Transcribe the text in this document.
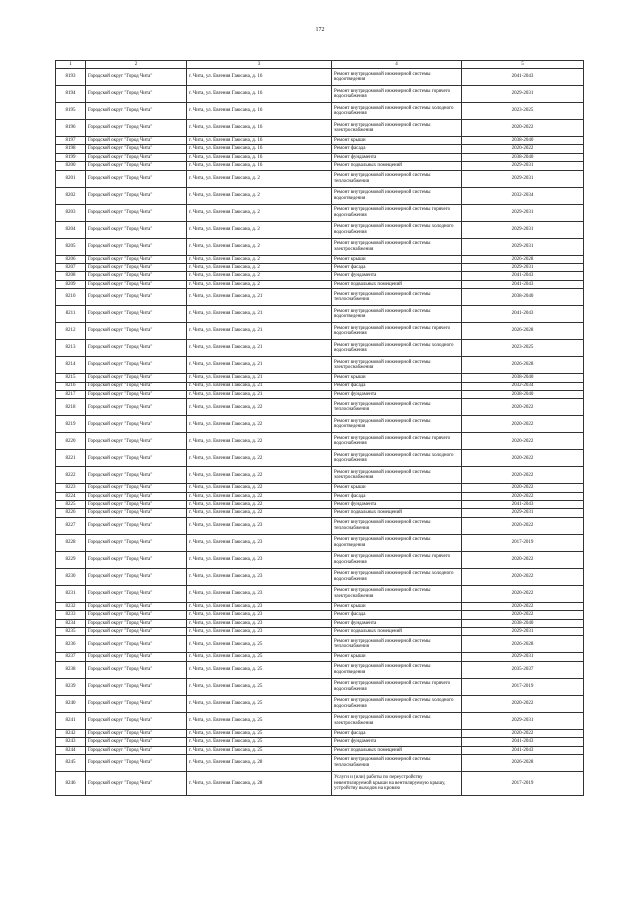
172
1	2	3	4	5
8193	Городской округ "Город Чита"	г. Чита, ул. Евгения Гаюсана, д. 16	Ремонт внутридомовой инженерной системы водоотведения	2041-2043
8194	Городской округ "Город Чита"	г. Чита, ул. Евгения Гаюсана, д. 16	Ремонт внутридомовой инженерной системы горячего водоснабжения	2029-2031
8195	Городской округ "Город Чита"	г. Чита, ул. Евгения Гаюсана, д. 16	Ремонт внутридомовой инженерной системы холодного водоснабжения	2023-2025
8196	Городской округ "Город Чита"	г. Чита, ул. Евгения Гаюсана, д. 16	Ремонт внутридомовой инженерной системы электроснабжения	2020-2022
8197	Городской округ "Город Чита"	г. Чита, ул. Евгения Гаюсана, д. 16	Ремонт крыши	2038-2040
8198	Городской округ "Город Чита"	г. Чита, ул. Евгения Гаюсана, д. 16	Ремонт фасада	2020-2022
8199	Городской округ "Город Чита"	г. Чита, ул. Евгения Гаюсана, д. 16	Ремонт фундамента	2038-2040
8200	Городской округ "Город Чита"	г. Чита, ул. Евгения Гаюсана, д. 16	Ремонт подвальных помещений	2029-2031
8201	Городской округ "Город Чита"	г. Чита, ул. Евгения Гаюсана, д. 2	Ремонт внутридомовой инженерной системы теплоснабжения	2029-2031
8202	Городской округ "Город Чита"	г. Чита, ул. Евгения Гаюсана, д. 2	Ремонт внутридомовой инженерной системы водоотведения	2032-2034
8203	Городской округ "Город Чита"	г. Чита, ул. Евгения Гаюсана, д. 2	Ремонт внутридомовой инженерной системы горячего водоснабжения	2029-2031
8204	Городской округ "Город Чита"	г. Чита, ул. Евгения Гаюсана, д. 2	Ремонт внутридомовой инженерной системы холодного водоснабжения	2029-2031
8205	Городской округ "Город Чита"	г. Чита, ул. Евгения Гаюсана, д. 2	Ремонт внутридомовой инженерной системы электроснабжения	2029-2031
8206	Городской округ "Город Чита"	г. Чита, ул. Евгения Гаюсана, д. 2	Ремонт крыши	2026-2028
8207	Городской округ "Город Чита"	г. Чита, ул. Евгения Гаюсана, д. 2	Ремонт фасада	2029-2031
8208	Городской округ "Город Чита"	г. Чита, ул. Евгения Гаюсана, д. 2	Ремонт фундамента	2041-2043
8209	Городской округ "Город Чита"	г. Чита, ул. Евгения Гаюсана, д. 2	Ремонт подвальных помещений	2041-2043
8210	Городской округ "Город Чита"	г. Чита, ул. Евгения Гаюсана, д. 21	Ремонт внутридомовой инженерной системы теплоснабжения	2038-2040
8211	Городской округ "Город Чита"	г. Чита, ул. Евгения Гаюсана, д. 21	Ремонт внутридомовой инженерной системы водоотведения	2041-2043
8212	Городской округ "Город Чита"	г. Чита, ул. Евгения Гаюсана, д. 21	Ремонт внутридомовой инженерной системы горячего водоснабжения	2026-2028
8213	Городской округ "Город Чита"	г. Чита, ул. Евгения Гаюсана, д. 21	Ремонт внутридомовой инженерной системы холодного водоснабжения	2023-2025
8214	Городской округ "Город Чита"	г. Чита, ул. Евгения Гаюсана, д. 21	Ремонт внутридомовой инженерной системы электроснабжения	2026-2028
8215	Городской округ "Город Чита"	г. Чита, ул. Евгения Гаюсана, д. 21	Ремонт крыши	2038-2040
8216	Городской округ "Город Чита"	г. Чита, ул. Евгения Гаюсана, д. 21	Ремонт фасада	2032-2034
8217	Городской округ "Город Чита"	г. Чита, ул. Евгения Гаюсана, д. 21	Ремонт фундамента	2038-2040
8218	Городской округ "Город Чита"	г. Чита, ул. Евгения Гаюсана, д. 22	Ремонт внутридомовой инженерной системы теплоснабжения	2020-2022
8219	Городской округ "Город Чита"	г. Чита, ул. Евгения Гаюсана, д. 22	Ремонт внутридомовой инженерной системы водоотведения	2020-2022
8220	Городской округ "Город Чита"	г. Чита, ул. Евгения Гаюсана, д. 22	Ремонт внутридомовой инженерной системы горячего водоснабжения	2020-2022
8221	Городской округ "Город Чита"	г. Чита, ул. Евгения Гаюсана, д. 22	Ремонт внутридомовой инженерной системы холодного водоснабжения	2020-2022
8222	Городской округ "Город Чита"	г. Чита, ул. Евгения Гаюсана, д. 22	Ремонт внутридомовой инженерной системы электроснабжения	2020-2022
8223	Городской округ "Город Чита"	г. Чита, ул. Евгения Гаюсана, д. 22	Ремонт крыши	2020-2022
8224	Городской округ "Город Чита"	г. Чита, ул. Евгения Гаюсана, д. 22	Ремонт фасада	2020-2022
8225	Городской округ "Город Чита"	г. Чита, ул. Евгения Гаюсана, д. 22	Ремонт фундамента	2041-2043
8226	Городской округ "Город Чита"	г. Чита, ул. Евгения Гаюсана, д. 22	Ремонт подвальных помещений	2029-2031
8227	Городской округ "Город Чита"	г. Чита, ул. Евгения Гаюсана, д. 23	Ремонт внутридомовой инженерной системы теплоснабжения	2020-2022
8228	Городской округ "Город Чита"	г. Чита, ул. Евгения Гаюсана, д. 23	Ремонт внутридомовой инженерной системы водоотведения	2017-2019
8229	Городской округ "Город Чита"	г. Чита, ул. Евгения Гаюсана, д. 23	Ремонт внутридомовой инженерной системы горячего водоснабжения	2020-2022
8230	Городской округ "Город Чита"	г. Чита, ул. Евгения Гаюсана, д. 23	Ремонт внутридомовой инженерной системы холодного водоснабжения	2020-2022
8231	Городской округ "Город Чита"	г. Чита, ул. Евгения Гаюсана, д. 23	Ремонт внутридомовой инженерной системы электроснабжения	2020-2022
8232	Городской округ "Город Чита"	г. Чита, ул. Евгения Гаюсана, д. 23	Ремонт крыши	2020-2022
8233	Городской округ "Город Чита"	г. Чита, ул. Евгения Гаюсана, д. 23	Ремонт фасада	2020-2022
8234	Городской округ "Город Чита"	г. Чита, ул. Евгения Гаюсана, д. 23	Ремонт фундамента	2038-2040
8235	Городской округ "Город Чита"	г. Чита, ул. Евгения Гаюсана, д. 23	Ремонт подвальных помещений	2029-2031
8236	Городской округ "Город Чита"	г. Чита, ул. Евгения Гаюсана, д. 25	Ремонт внутридомовой инженерной системы теплоснабжения	2026-2028
8237	Городской округ "Город Чита"	г. Чита, ул. Евгения Гаюсана, д. 25	Ремонт крыши	2029-2031
8238	Городской округ "Город Чита"	г. Чита, ул. Евгения Гаюсана, д. 25	Ремонт внутридомовой инженерной системы водоотведения	2035-2037
8239	Городской округ "Город Чита"	г. Чита, ул. Евгения Гаюсана, д. 25	Ремонт внутридомовой инженерной системы горячего водоснабжения	2017-2019
8240	Городской округ "Город Чита"	г. Чита, ул. Евгения Гаюсана, д. 25	Ремонт внутридомовой инженерной системы холодного водоснабжения	2020-2022
8241	Городской округ "Город Чита"	г. Чита, ул. Евгения Гаюсана, д. 25	Ремонт внутридомовой инженерной системы электроснабжения	2029-2031
8242	Городской округ "Город Чита"	г. Чита, ул. Евгения Гаюсана, д. 25	Ремонт фасада	2020-2022
8243	Городской округ "Город Чита"	г. Чита, ул. Евгения Гаюсана, д. 25	Ремонт фундамента	2041-2043
8244	Городской округ "Город Чита"	г. Чита, ул. Евгения Гаюсана, д. 25	Ремонт подвальных помещений	2041-2043
8245	Городской округ "Город Чита"	г. Чита, ул. Евгения Гаюсана, д. 28	Ремонт внутридомовой инженерной системы теплоснабжения	2026-2028
8246	Городской округ "Город Чита"	г. Чита, ул. Евгения Гаюсана, д. 28	Услуги и (или) работы по переустройству невентилируемой крыши на вентилируемую крышу, устройству выходов на кровлю	2017-2019
